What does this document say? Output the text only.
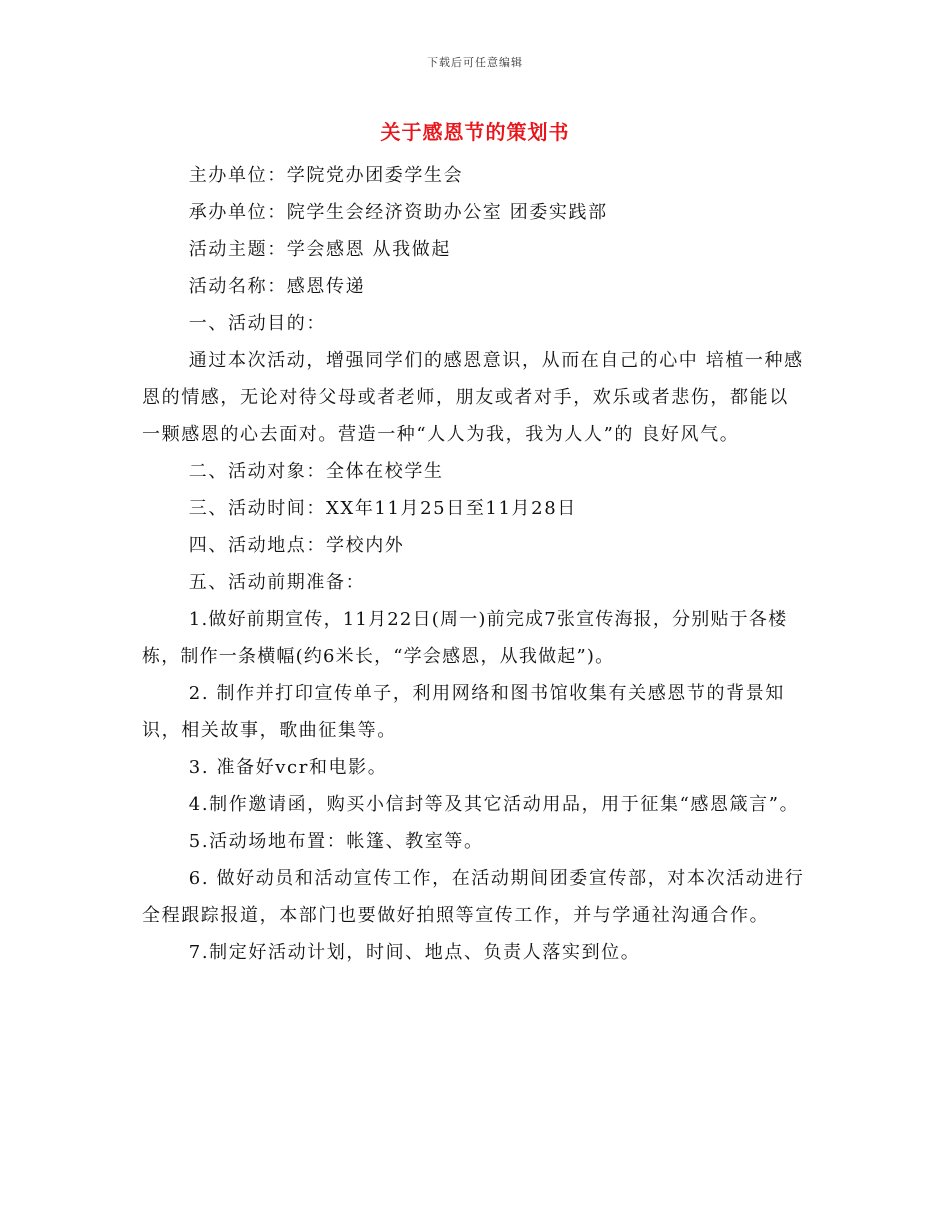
下载后可任意编辑
关于感恩节的策划书

主办单位：学院党办团委学生会

承办单位：院学生会经济资助办公室 团委实践部

活动主题：学会感恩 从我做起

活动名称：感恩传递

一、活动目的：

通过本次活动，增强同学们的感恩意识，从而在自己的心中 培植一种感恩的情感，无论对待父母或者老师，朋友或者对手，欢乐或者悲伤，都能以一颗感恩的心去面对。营造一种“人人为我，我为人人”的 良好风气。

二、活动对象：全体在校学生

三、活动时间：XX年11月25日至11月28日

四、活动地点：学校内外

五、活动前期准备：

1.做好前期宣传，11月22日(周一)前完成7张宣传海报，分别贴于各楼栋，制作一条横幅(约6米长，“学会感恩，从我做起”)。

2. 制作并打印宣传单子，利用网络和图书馆收集有关感恩节的背景知识，相关故事，歌曲征集等。

3. 准备好vcr和电影。

4.制作邀请函，购买小信封等及其它活动用品，用于征集“感恩箴言”。

5.活动场地布置：帐篷、教室等。

6. 做好动员和活动宣传工作，在活动期间团委宣传部，对本次活动进行全程跟踪报道，本部门也要做好拍照等宣传工作，并与学通社沟通合作。

7.制定好活动计划，时间、地点、负责人落实到位。
